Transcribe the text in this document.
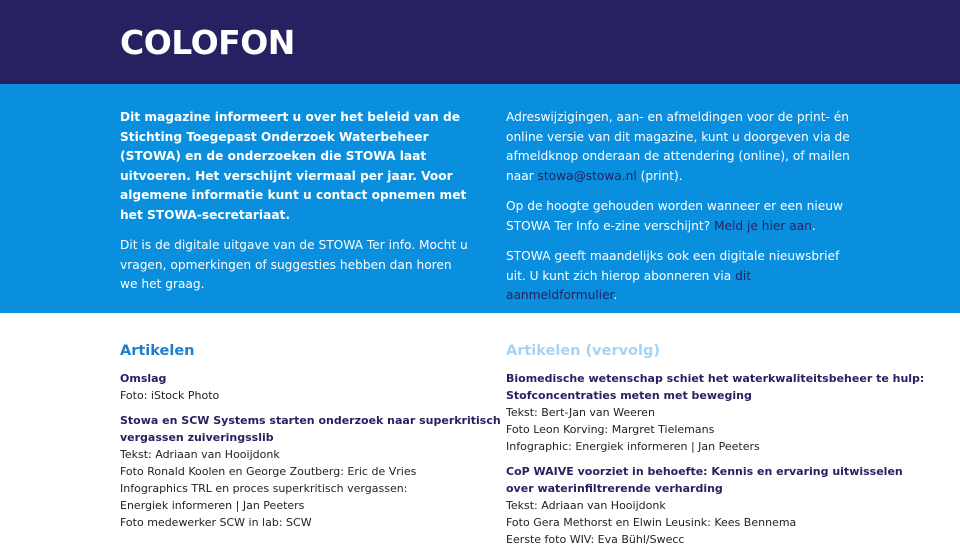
COLOFON

Dit magazine informeert u over het beleid van de Stichting Toegepast Onderzoek Waterbeheer (STOWA) en de onderzoeken die STOWA laat uitvoeren. Het verschijnt viermaal per jaar. Voor algemene informatie kunt u contact opnemen met het STOWA-secretariaat.

Dit is de digitale uitgave van de STOWA Ter info. Mocht u vragen, opmerkingen of suggesties hebben dan horen we het graag.

Adreswijzigingen, aan- en afmeldingen voor de print- én online versie van dit magazine, kunt u doorgeven via de afmeldknop onderaan de attendering (online), of mailen naar stowa@stowa.nl (print).

Op de hoogte gehouden worden wanneer er een nieuw STOWA Ter Info e-zine verschijnt? Meld je hier aan.

STOWA geeft maandelijks ook een digitale nieuwsbrief uit. U kunt zich hierop abonneren via dit aanmeldformulier.

Artikelen
Omslag
Foto: iStock Photo
Stowa en SCW Systems starten onderzoek naar superkritisch
vergassen zuiveringsslib
Tekst: Adriaan van Hooijdonk
Foto Ronald Koolen en George Zoutberg: Eric de Vries
Infographics TRL en proces superkritisch vergassen:
Energiek informeren | Jan Peeters
Foto medewerker SCW in lab: SCW
Artikelen (vervolg)
Biomedische wetenschap schiet het waterkwaliteitsbeheer te hulp:
Stofconcentraties meten met beweging
Tekst: Bert-Jan van Weeren
Foto Leon Korving: Margret Tielemans
Infographic: Energiek informeren | Jan Peeters
CoP WAIVE voorziet in behoefte: Kennis en ervaring uitwisselen
over waterinfiltrerende verharding
Tekst: Adriaan van Hooijdonk
Foto Gera Methorst en Elwin Leusink: Kees Bennema
Eerste foto WIV: Eva Bühl/Swecc
